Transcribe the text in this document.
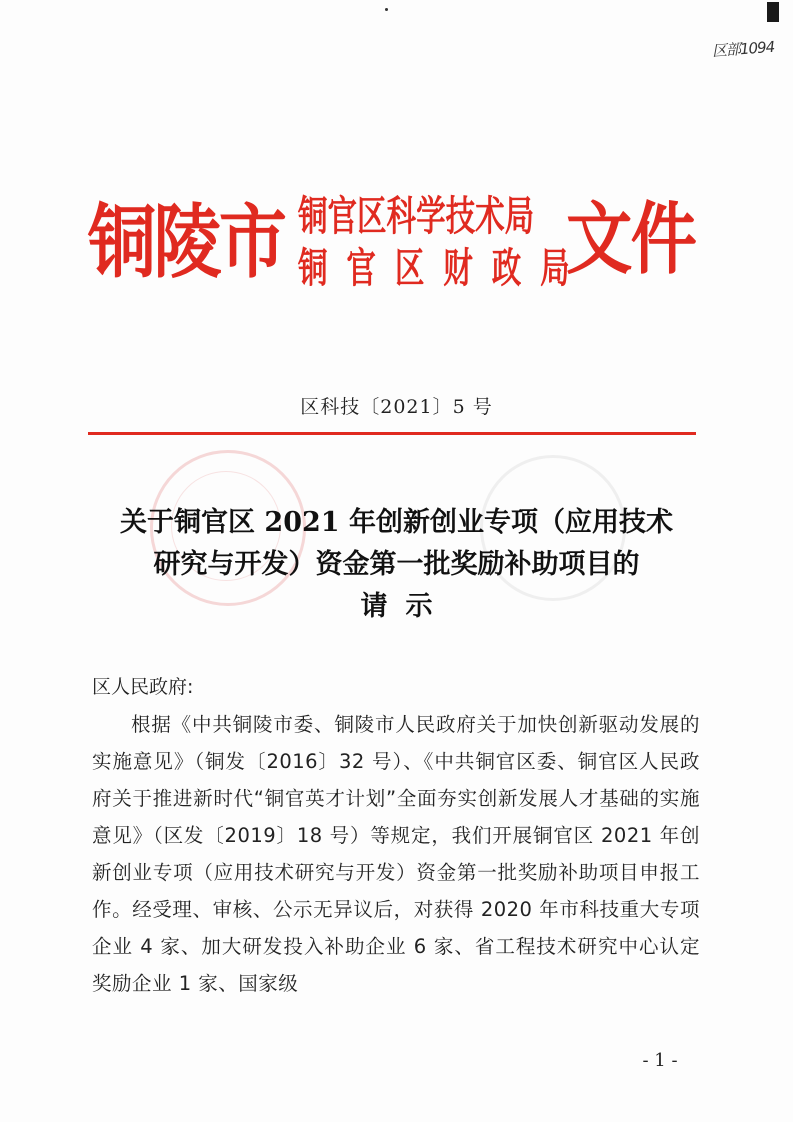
区部1094
铜陵市 铜官区科学技术局
铜 官 区 财 政 局
文件
区科技〔2021〕5 号
关于铜官区 2021 年创新创业专项（应用技术
研究与开发）资金第一批奖励补助项目的
请示
区人民政府:
根据《中共铜陵市委、铜陵市人民政府关于加快创新驱动发展的实施意见》（铜发〔2016〕32 号）、《中共铜官区委、铜官区人民政府关于推进新时代“铜官英才计划”全面夯实创新发展人才基础的实施意见》（区发〔2019〕18 号）等规定，我们开展铜官区 2021 年创新创业专项（应用技术研究与开发）资金第一批奖励补助项目申报工作。经受理、审核、公示无异议后，对获得 2020 年市科技重大专项企业 4 家、加大研发投入补助企业 6 家、省工程技术研究中心认定奖励企业 1 家、国家级
- 1 -
